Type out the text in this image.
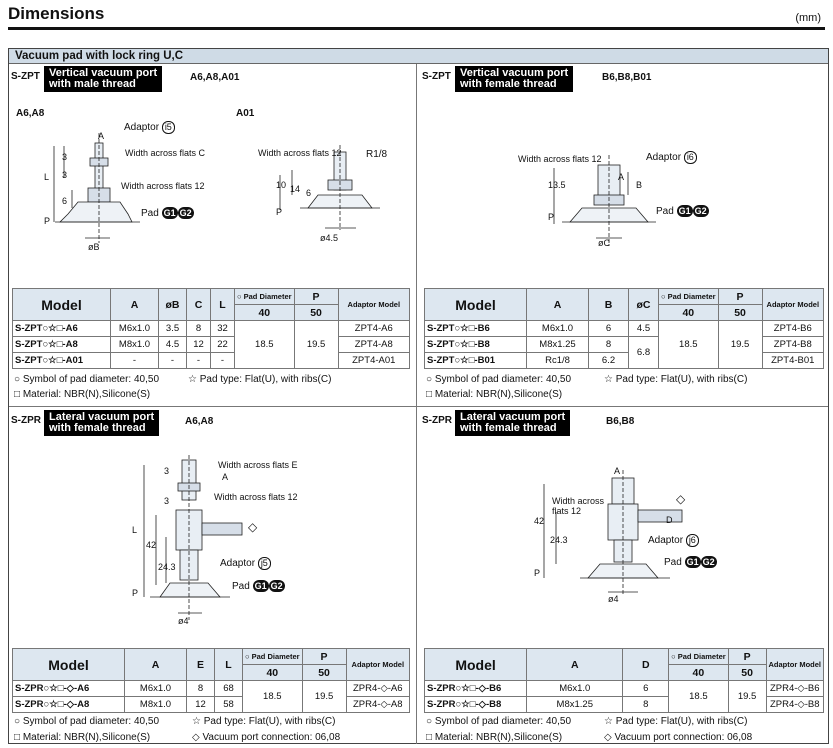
Dimensions	(mm)
Vacuum pad with lock ring U,C
S-ZPT Vertical vacuum port
with male thread
A6,A8,A01
A6,A8	A01
A
Adaptor i5
Width across flats C
Width across flats 12
Pad G1 G2
øB
L
P
3
3
6
Width across flats 12 R1/8
14 6
10
P
ø4.5
Model	A	øB	C	L	○ Pad Diameter	P	Adaptor Model
					40	50	
S-ZPT○☆□-A6	M6x1.0	3.5	8	32	18.5	19.5	ZPT4-A6
S-ZPT○☆□-A8	M8x1.0	4.5	12	22			ZPT4-A8
S-ZPT○☆□-A01	-	-	-	-			ZPT4-A01
○ Symbol of pad diameter: 40,50	☆ Pad type: Flat(U), with ribs(C)
□ Material: NBR(N),Silicone(S)
S-ZPT Vertical vacuum port
with female thread
B6,B8,B01
Width across flats 12	Adaptor i6
A
B
13.5
P	Pad G1 G2
øC
Model	A	B	øC	○ Pad Diameter	P	Adaptor Model
				40	50	
S-ZPT○☆□-B6	M6x1.0	6	4.5	18.5	19.5	ZPT4-B6
S-ZPT○☆□-B8	M8x1.25	8	6.8			ZPT4-B8
S-ZPT○☆□-B01	Rc1/8	6.2				ZPT4-B01
○ Symbol of pad diameter: 40,50	☆ Pad type: Flat(U), with ribs(C)
□ Material: NBR(N),Silicone(S)
S-ZPR Lateral vacuum port
with female thread
A6,A8
Width across flats E
A
Width across flats 12
3
3
L
42
24.3	Adaptor j5
◇
Pad G1 G2
P
ø4
Model	A	E	L	○ Pad Diameter	P	Adaptor Model
				40	50	
S-ZPR○☆□-◇-A6	M6x1.0	8	68	18.5	19.5	ZPR4-◇-A6
S-ZPR○☆□-◇-A8	M8x1.0	12	58			ZPR4-◇-A8
○ Symbol of pad diameter: 40,50	☆ Pad type: Flat(U), with ribs(C)
□ Material: NBR(N),Silicone(S)	◇ Vacuum port connection: 06,08
S-ZPR Lateral vacuum port
with female thread
B6,B8
A
D
◇
Width across
flats 12
42
24.3	Adaptor j6
Pad G1 G2
P
ø4
Model	A	D	○ Pad Diameter	P	Adaptor Model
			40	50	
S-ZPR○☆□-◇-B6	M6x1.0	6	18.5	19.5	ZPR4-◇-B6
S-ZPR○☆□-◇-B8	M8x1.25	8			ZPR4-◇-B8
○ Symbol of pad diameter: 40,50	☆ Pad type: Flat(U), with ribs(C)
□ Material: NBR(N),Silicone(S)	◇ Vacuum port connection: 06,08
